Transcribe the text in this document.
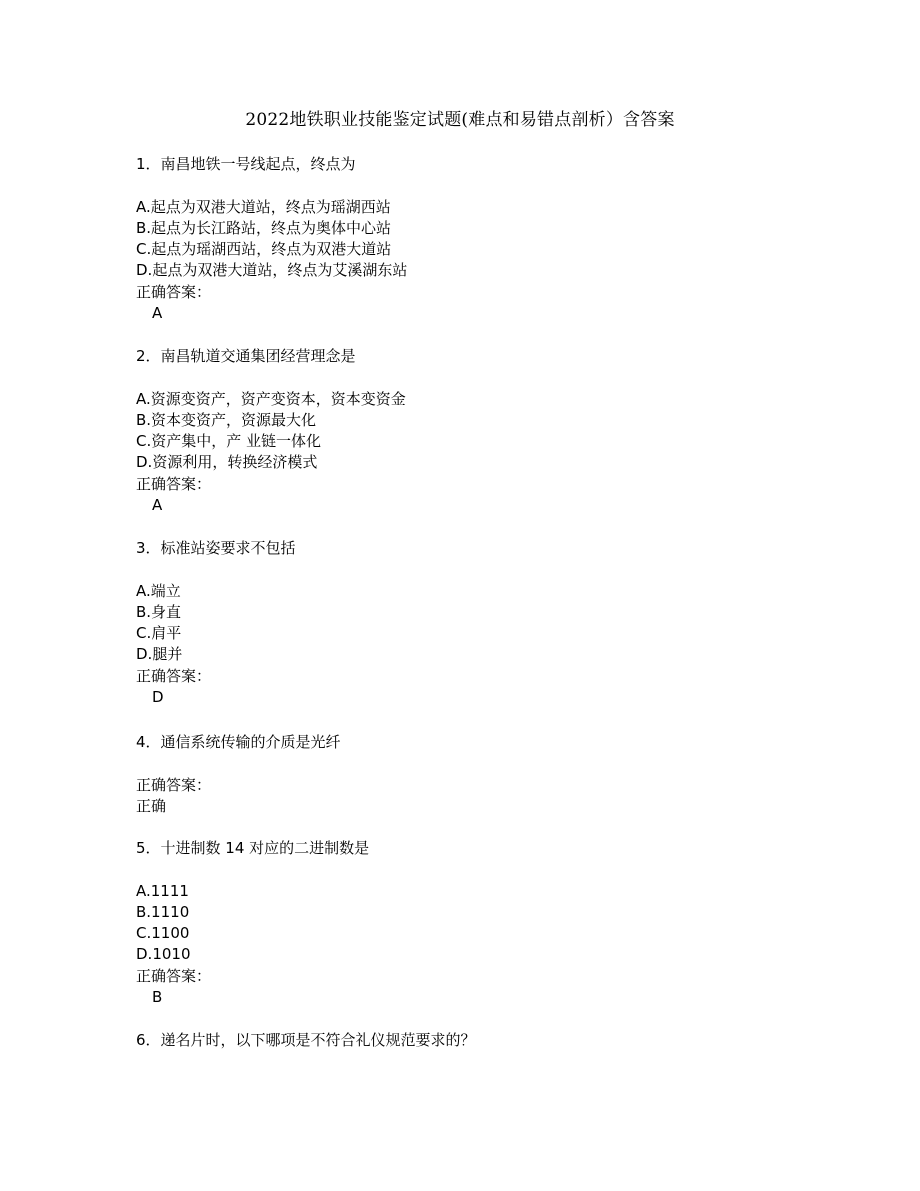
2022地铁职业技能鉴定试题(难点和易错点剖析）含答案
1．南昌地铁一号线起点，终点为
A.起点为双港大道站，终点为瑶湖西站
B.起点为长江路站，终点为奥体中心站
C.起点为瑶湖西站，终点为双港大道站
D.起点为双港大道站，终点为艾溪湖东站
正确答案：
A
2．南昌轨道交通集团经营理念是
A.资源变资产，资产变资本，资本变资金
B.资本变资产，资源最大化
C.资产集中，产 业链一体化
D.资源利用，转换经济模式
正确答案：
A
3．标准站姿要求不包括
A.端立
B.身直
C.肩平
D.腿并
正确答案：
D
4．通信系统传输的介质是光纤
正确答案：
正确
5．十进制数 14 对应的二进制数是
A.1111
B.1110
C.1100
D.1010
正确答案：
B
6．递名片时，以下哪项是不符合礼仪规范要求的？
